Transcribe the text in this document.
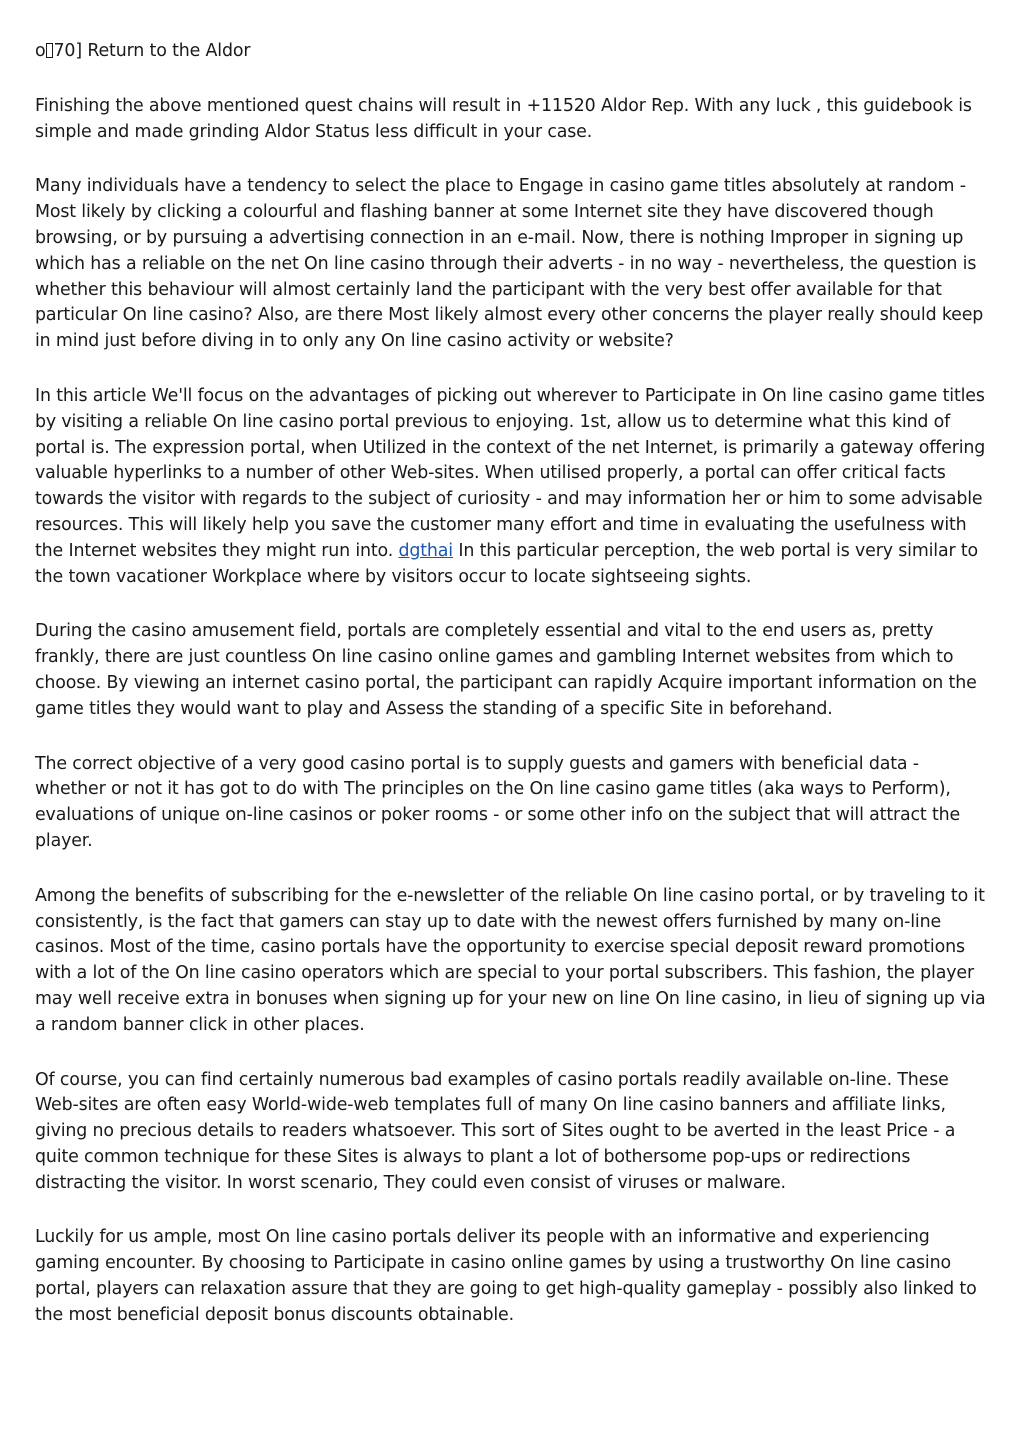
o 70] Return to the Aldor

Finishing the above mentioned quest chains will result in +11520 Aldor Rep. With any luck , this guidebook is simple and made grinding Aldor Status less difficult in your case.

Many individuals have a tendency to select the place to Engage in casino game titles absolutely at random - Most likely by clicking a colourful and flashing banner at some Internet site they have discovered though browsing, or by pursuing a advertising connection in an e-mail. Now, there is nothing Improper in signing up which has a reliable on the net On line casino through their adverts - in no way - nevertheless, the question is whether this behaviour will almost certainly land the participant with the very best offer available for that particular On line casino? Also, are there Most likely almost every other concerns the player really should keep in mind just before diving in to only any On line casino activity or website?

In this article We'll focus on the advantages of picking out wherever to Participate in On line casino game titles by visiting a reliable On line casino portal previous to enjoying. 1st, allow us to determine what this kind of portal is. The expression portal, when Utilized in the context of the net Internet, is primarily a gateway offering valuable hyperlinks to a number of other Web-sites. When utilised properly, a portal can offer critical facts towards the visitor with regards to the subject of curiosity - and may information her or him to some advisable resources. This will likely help you save the customer many effort and time in evaluating the usefulness with the Internet websites they might run into. dgthai In this particular perception, the web portal is very similar to the town vacationer Workplace where by visitors occur to locate sightseeing sights.

During the casino amusement field, portals are completely essential and vital to the end users as, pretty frankly, there are just countless On line casino online games and gambling Internet websites from which to choose. By viewing an internet casino portal, the participant can rapidly Acquire important information on the game titles they would want to play and Assess the standing of a specific Site in beforehand.

The correct objective of a very good casino portal is to supply guests and gamers with beneficial data - whether or not it has got to do with The principles on the On line casino game titles (aka ways to Perform), evaluations of unique on-line casinos or poker rooms - or some other info on the subject that will attract the player.

Among the benefits of subscribing for the e-newsletter of the reliable On line casino portal, or by traveling to it consistently, is the fact that gamers can stay up to date with the newest offers furnished by many on-line casinos. Most of the time, casino portals have the opportunity to exercise special deposit reward promotions with a lot of the On line casino operators which are special to your portal subscribers. This fashion, the player may well receive extra in bonuses when signing up for your new on line On line casino, in lieu of signing up via a random banner click in other places.

Of course, you can find certainly numerous bad examples of casino portals readily available on-line. These Web-sites are often easy World-wide-web templates full of many On line casino banners and affiliate links, giving no precious details to readers whatsoever. This sort of Sites ought to be averted in the least Price - a quite common technique for these Sites is always to plant a lot of bothersome pop-ups or redirections distracting the visitor. In worst scenario, They could even consist of viruses or malware.

Luckily for us ample, most On line casino portals deliver its people with an informative and experiencing gaming encounter. By choosing to Participate in casino online games by using a trustworthy On line casino portal, players can relaxation assure that they are going to get high-quality gameplay - possibly also linked to the most beneficial deposit bonus discounts obtainable.
